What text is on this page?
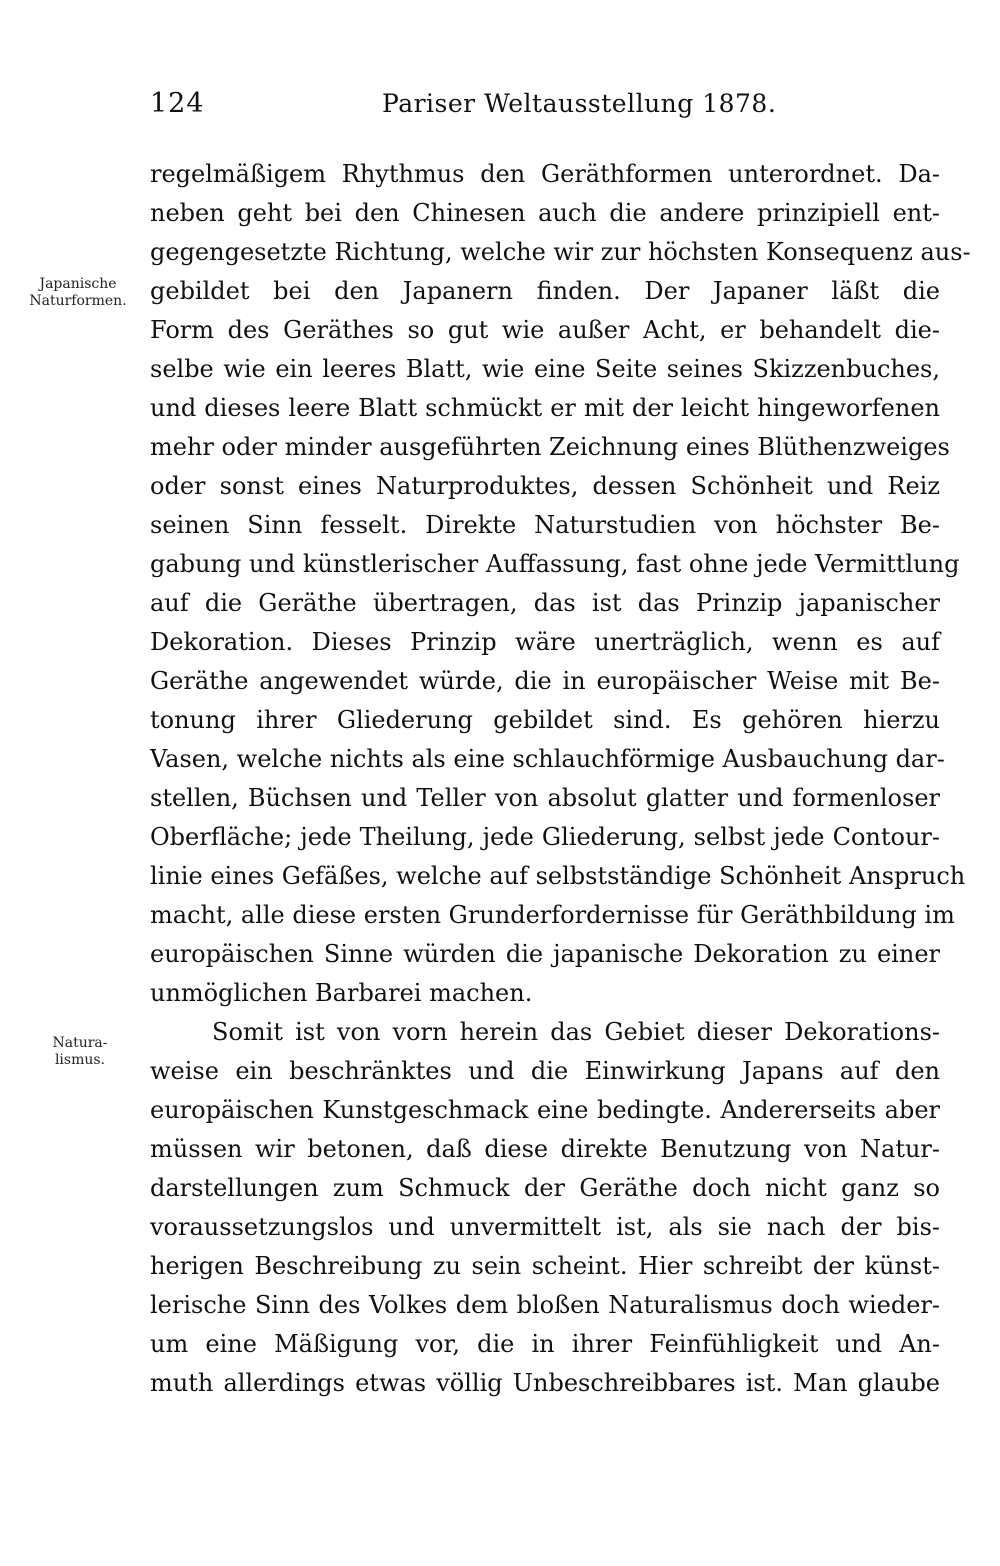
124	Pariser Weltausstellung 1878.
Japanische
Naturformen.
Natura-
lismus.
regelmäßigem Rhythmus den Geräthformen unterordnet. Da-
neben geht bei den Chinesen auch die andere prinzipiell ent-
gegengesetzte Richtung, welche wir zur höchsten Konsequenz aus-
gebildet bei den Japanern finden. Der Japaner läßt die
Form des Geräthes so gut wie außer Acht, er behandelt die-
selbe wie ein leeres Blatt, wie eine Seite seines Skizzenbuches,
und dieses leere Blatt schmückt er mit der leicht hingeworfenen
mehr oder minder ausgeführten Zeichnung eines Blüthenzweiges
oder sonst eines Naturproduktes, dessen Schönheit und Reiz
seinen Sinn fesselt. Direkte Naturstudien von höchster Be-
gabung und künstlerischer Auffassung, fast ohne jede Vermittlung
auf die Geräthe übertragen, das ist das Prinzip japanischer
Dekoration. Dieses Prinzip wäre unerträglich, wenn es auf
Geräthe angewendet würde, die in europäischer Weise mit Be-
tonung ihrer Gliederung gebildet sind. Es gehören hierzu
Vasen, welche nichts als eine schlauchförmige Ausbauchung dar-
stellen, Büchsen und Teller von absolut glatter und formenloser
Oberfläche; jede Theilung, jede Gliederung, selbst jede Contour-
linie eines Gefäßes, welche auf selbstständige Schönheit Anspruch
macht, alle diese ersten Grunderfordernisse für Geräthbildung im
europäischen Sinne würden die japanische Dekoration zu einer
unmöglichen Barbarei machen.
Somit ist von vorn herein das Gebiet dieser Dekorations-
weise ein beschränktes und die Einwirkung Japans auf den
europäischen Kunstgeschmack eine bedingte. Andererseits aber
müssen wir betonen, daß diese direkte Benutzung von Natur-
darstellungen zum Schmuck der Geräthe doch nicht ganz so
voraussetzungslos und unvermittelt ist, als sie nach der bis-
herigen Beschreibung zu sein scheint. Hier schreibt der künst-
lerische Sinn des Volkes dem bloßen Naturalismus doch wieder-
um eine Mäßigung vor, die in ihrer Feinfühligkeit und An-
muth allerdings etwas völlig Unbeschreibbares ist. Man glaube
